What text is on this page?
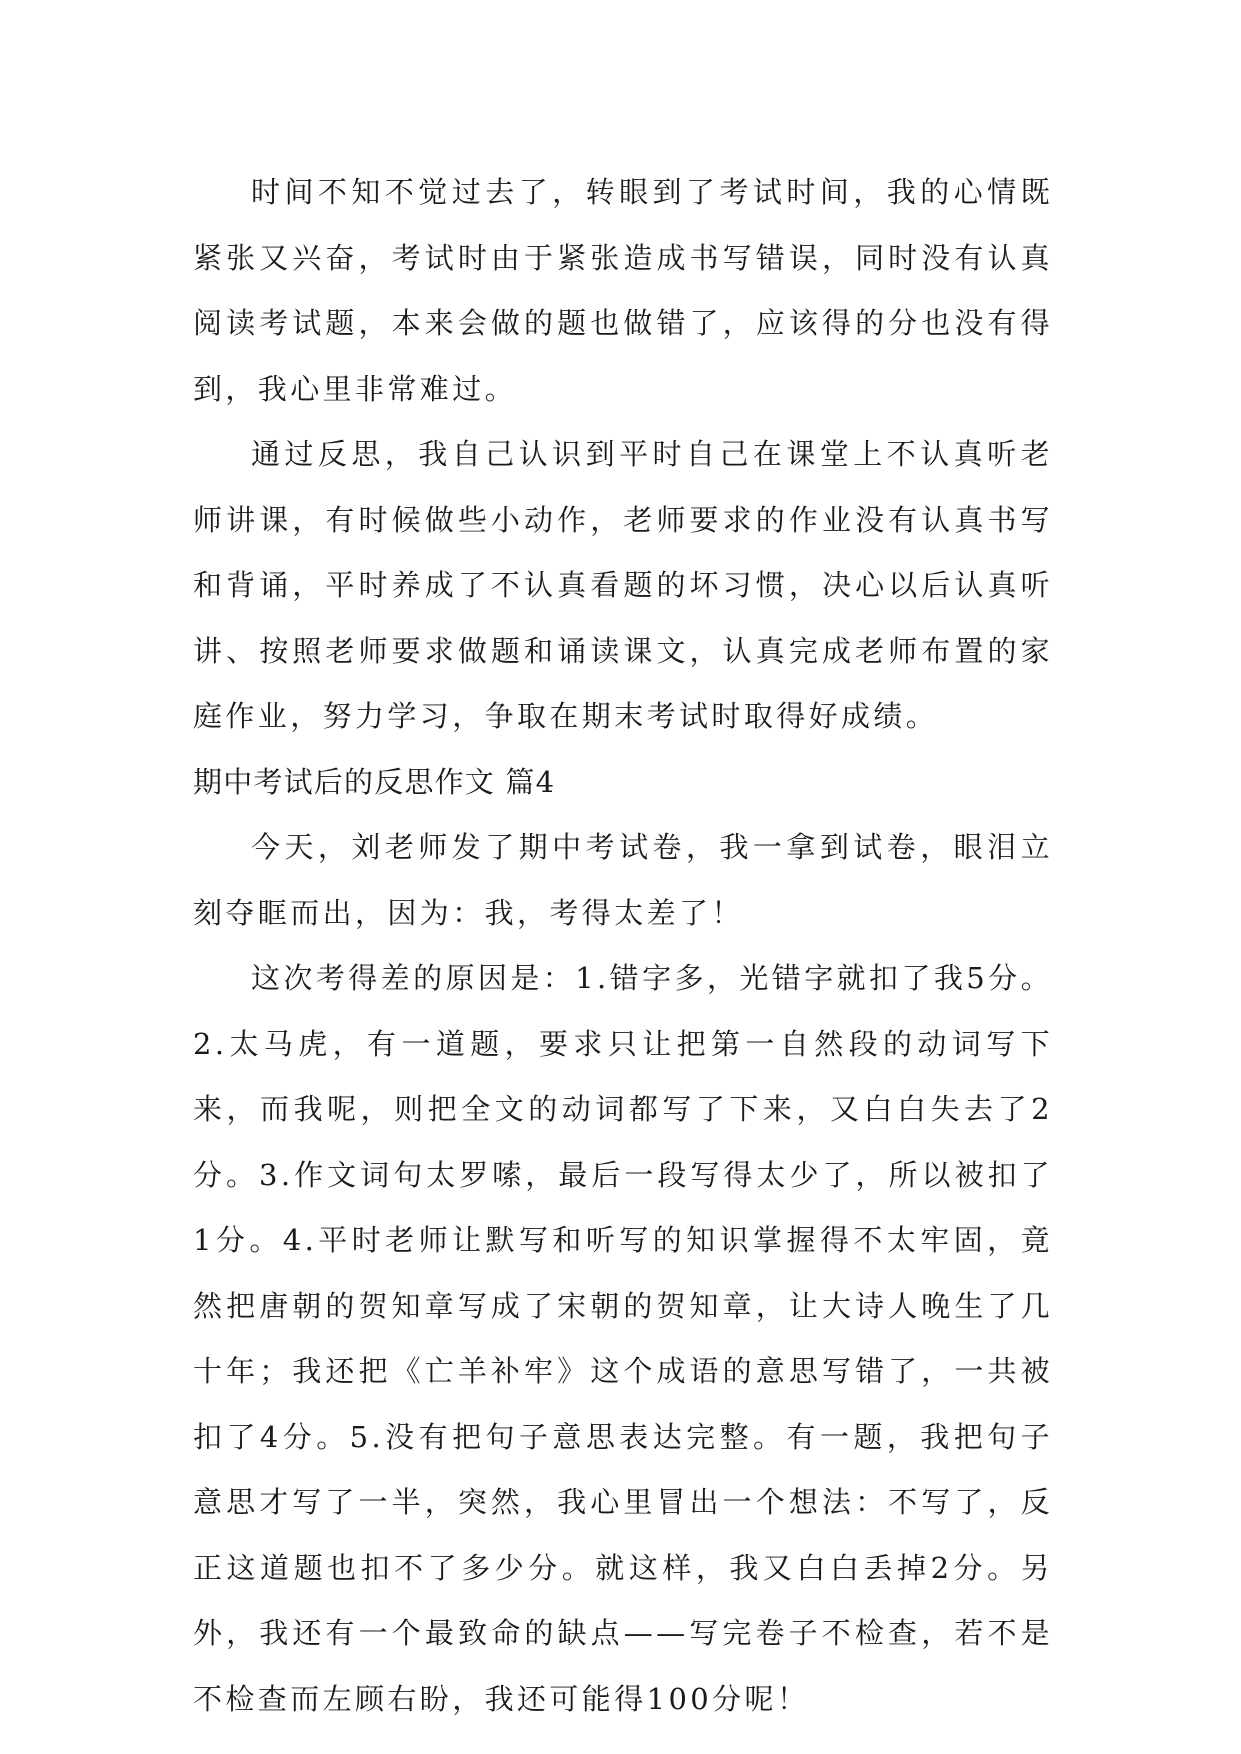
时间不知不觉过去了，转眼到了考试时间，我的心情既紧张又兴奋，考试时由于紧张造成书写错误，同时没有认真阅读考试题，本来会做的题也做错了，应该得的分也没有得到，我心里非常难过。

通过反思，我自己认识到平时自己在课堂上不认真听老师讲课，有时候做些小动作，老师要求的作业没有认真书写和背诵，平时养成了不认真看题的坏习惯，决心以后认真听讲、按照老师要求做题和诵读课文，认真完成老师布置的家庭作业，努力学习，争取在期末考试时取得好成绩。

期中考试后的反思作文 篇4

今天，刘老师发了期中考试卷，我一拿到试卷，眼泪立刻夺眶而出，因为：我，考得太差了！

这次考得差的原因是：1.错字多，光错字就扣了我5分。2.太马虎，有一道题，要求只让把第一自然段的动词写下来，而我呢，则把全文的动词都写了下来，又白白失去了2分。3.作文词句太罗嗦，最后一段写得太少了，所以被扣了1分。4.平时老师让默写和听写的知识掌握得不太牢固，竟然把唐朝的贺知章写成了宋朝的贺知章，让大诗人晚生了几十年；我还把《亡羊补牢》这个成语的意思写错了，一共被扣了4分。5.没有把句子意思表达完整。有一题，我把句子意思才写了一半，突然，我心里冒出一个想法：不写了，反正这道题也扣不了多少分。就这样，我又白白丢掉2分。另外，我还有一个最致命的缺点——写完卷子不检查，若不是不检查而左顾右盼，我还可能得100分呢！
